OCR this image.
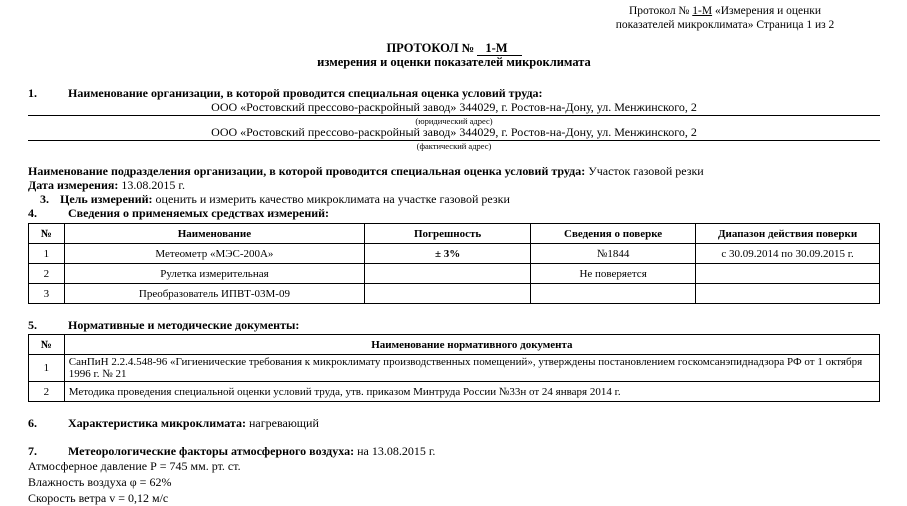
Протокол № 1-М «Измерения и оценки
показателей микроклимата» Страница 1 из 2
ПРОТОКОЛ № 1-М
измерения и оценки показателей микроклимата
1.	Наименование организации, в которой проводится специальная оценка условий труда:
ООО «Ростовский прессово-раскройный завод» 344029, г. Ростов-на-Дону, ул. Менжинского, 2
(юридический адрес)
ООО «Ростовский прессово-раскройный завод» 344029, г. Ростов-на-Дону, ул. Менжинского, 2
(фактический адрес)
Наименование подразделения организации, в которой проводится специальная оценка условий труда: Участок газовой резки
Дата измерения: 13.08.2015 г.
3. Цель измерений: оценить и измерить качество микроклимата на участке газовой резки
4.	Сведения о применяемых средствах измерений:
№	Наименование	Погрешность	Сведения о поверке	Диапазон действия поверки
1	Метеометр «МЭС-200А»	± 3%	№1844	с 30.09.2014 по 30.09.2015 г.
2	Рулетка измерительная		Не поверяется	
3	Преобразователь ИПВТ-03М-09			
5.	Нормативные и методические документы:
№	Наименование нормативного документа
1	СанПиН 2.2.4.548-96 «Гигиенические требования к микроклимату производственных помещений», утверждены постановлением госкомсанэпиднадзора РФ от 1 октября 1996 г. № 21
2	Методика проведения специальной оценки условий труда, утв. приказом Минтруда России №33н от 24 января 2014 г.
6.	Характеристика микроклимата: нагревающий
7.	Метеорологические факторы атмосферного воздуха: на 13.08.2015 г.
Атмосферное давление Р = 745 мм. рт. ст.
Влажность воздуха φ = 62%
Скорость ветра v = 0,12 м/с
